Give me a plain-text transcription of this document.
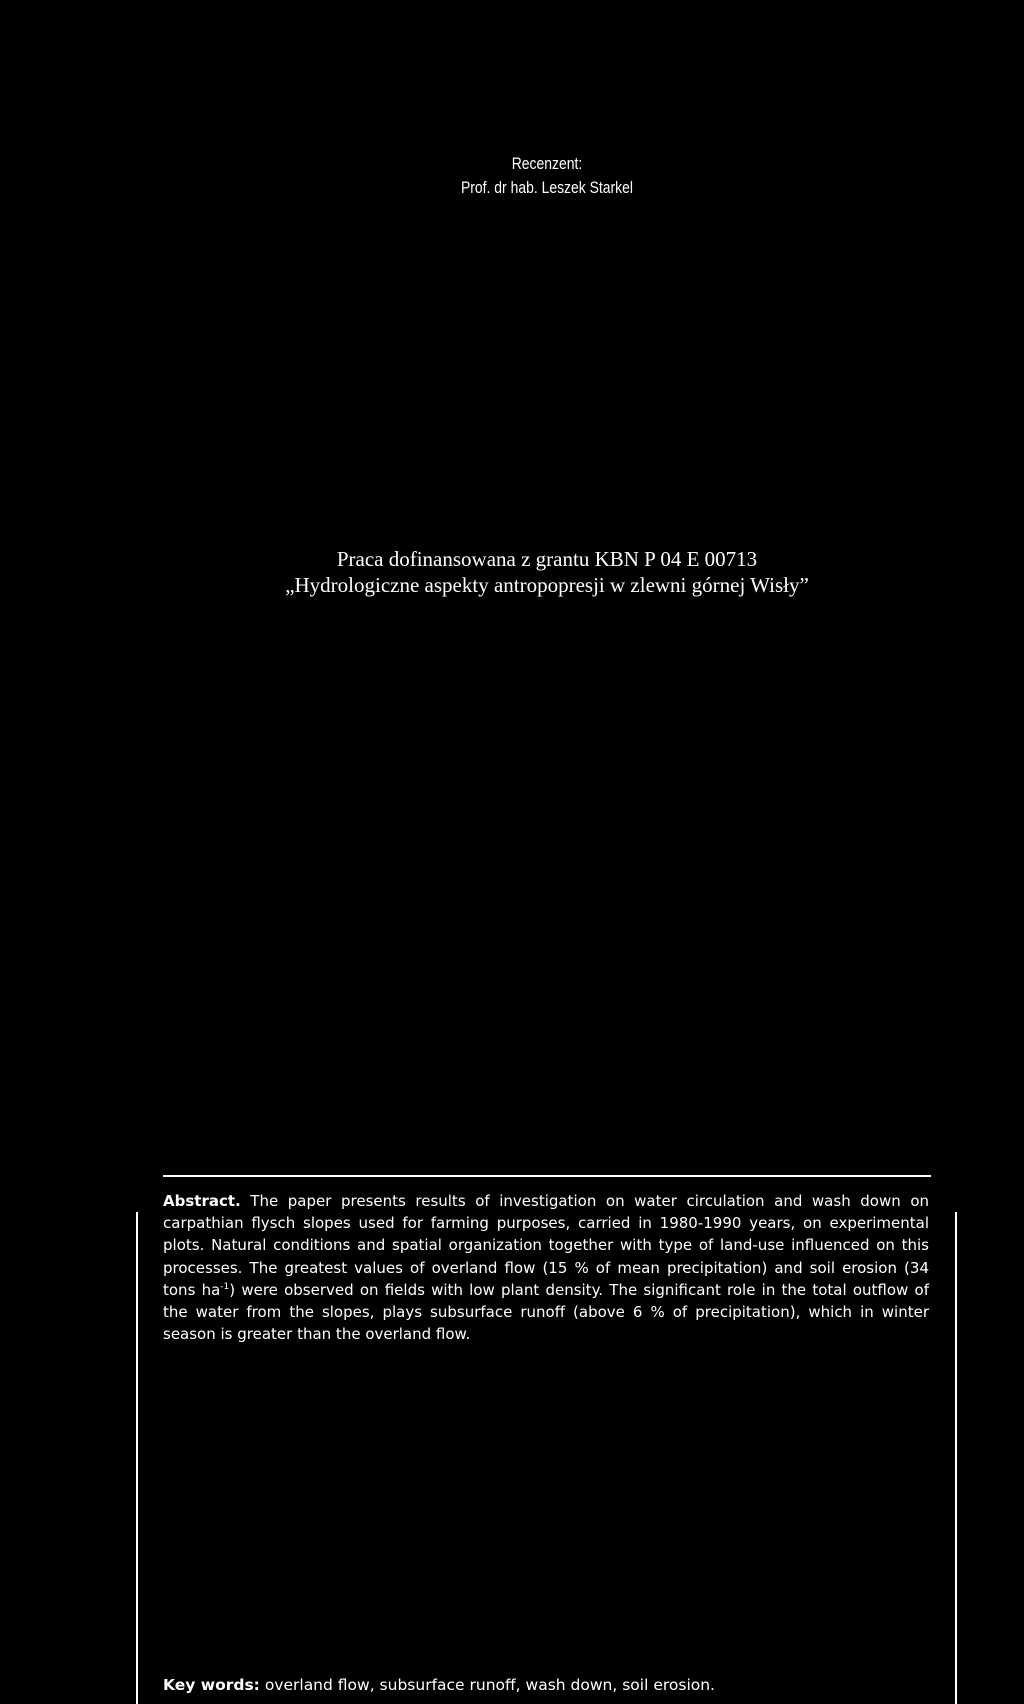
Recenzent:
Prof. dr hab. Leszek Starkel
Praca dofinansowana z grantu KBN P 04 E 00713
„Hydrologiczne aspekty antropopresji w zlewni górnej Wisły”

Abstract. The paper presents results of investigation on water circulation and wash down on carpathian flysch slopes used for farming purposes, carried in 1980-1990 years, on experimental plots. Natural conditions and spatial organization together with type of land-use influenced on this processes. The greatest values of overland flow (15 % of mean precipitation) and soil erosion (34 tons $ha^{-1}$) were observed on fields with low plant density. The significant role in the total outflow of the water from the slopes, plays subsurface runoff (above 6 % of precipitation), which in winter season is greater than the overland flow.

Key words: overland flow, subsurface runoff, wash down, soil erosion.
